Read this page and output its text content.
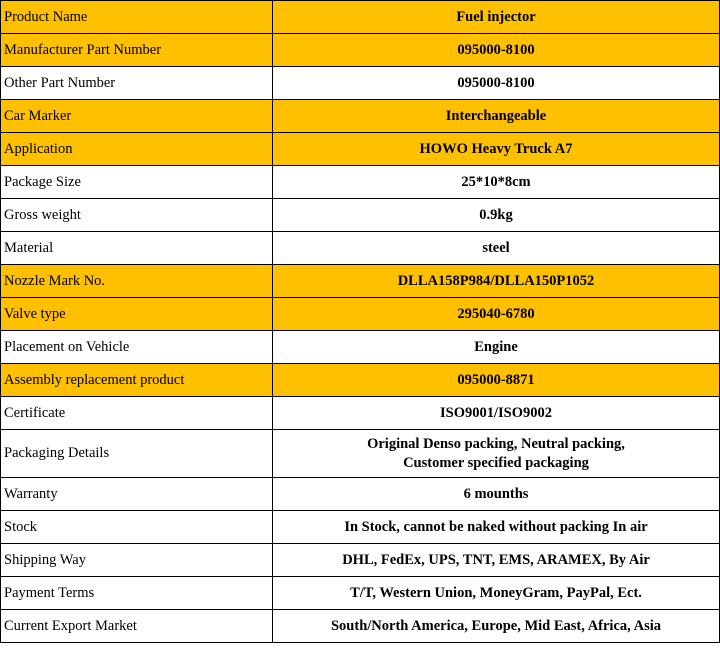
Product Name	Fuel injector
Manufacturer Part Number	095000-8100
Other Part Number	095000-8100
Car Marker	Interchangeable
Application	HOWO Heavy Truck A7
Package Size	25*10*8cm
Gross weight	0.9kg
Material	steel
Nozzle Mark No.	DLLA158P984/DLLA150P1052
Valve type	295040-6780
Placement on Vehicle	Engine
Assembly replacement product	095000-8871
Certificate	ISO9001/ISO9002
Packaging Details	Original Denso packing, Neutral packing,
Customer specified packaging

Warranty	6 mounths
Stock	In Stock, cannot be naked without packing In air
Shipping Way	DHL, FedEx, UPS, TNT, EMS, ARAMEX, By Air
Payment Terms	T/T, Western Union, MoneyGram, PayPal, Ect.
Current Export Market	South/North America, Europe, Mid East, Africa, Asia
